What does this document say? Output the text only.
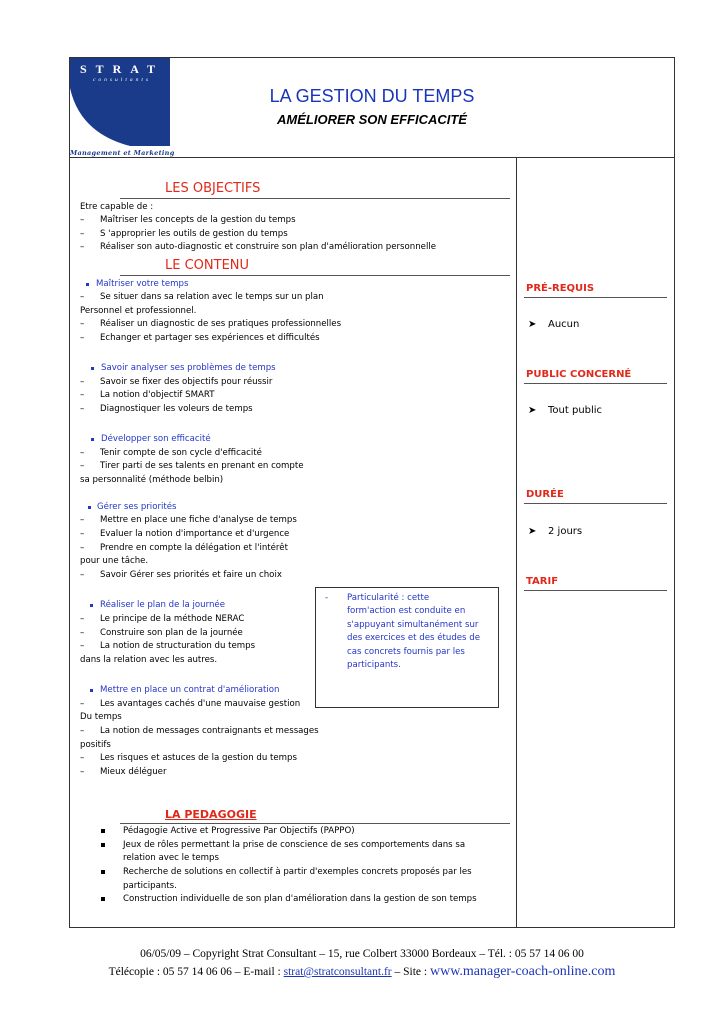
STRAT
consultants
Management et Marketing
LA GESTION DU TEMPS
AMÉLIORER SON EFFICACITÉ
LES OBJECTIFS
Etre capable de :
– Maîtriser les concepts de la gestion du temps
– S 'approprier les outils de gestion du temps
– Réaliser son auto-diagnostic et construire son plan d'amélioration personnelle
LE CONTENU
Maîtriser votre temps
– Se situer dans sa relation avec le temps sur un plan
Personnel et professionnel.
– Réaliser un diagnostic de ses pratiques professionnelles
– Echanger et partager ses expériences et difficultés
Savoir analyser ses problèmes de temps
– Savoir se fixer des objectifs pour réussir
– La notion d'objectif SMART
– Diagnostiquer les voleurs de temps
Développer son efficacité
– Tenir compte de son cycle d'efficacité
– Tirer parti de ses talents en prenant en compte
sa personnalité (méthode belbin)
Gérer ses priorités
– Mettre en place une fiche d'analyse de temps
– Evaluer la notion d'importance et d'urgence
– Prendre en compte la délégation et l'intérêt
pour une tâche.
– Savoir Gérer ses priorités et faire un choix
Réaliser le plan de la journée
– Le principe de la méthode NERAC
– Construire son plan de la journée
– La notion de structuration du temps
dans la relation avec les autres.
Mettre en place un contrat d'amélioration
– Les avantages cachés d'une mauvaise gestion
Du temps
– La notion de messages contraignants et messages
positifs
– Les risques et astuces de la gestion du temps
– Mieux déléguer
- Particularité : cette
form'action est conduite en
s'appuyant simultanément sur
des exercices et des études de
cas concrets fournis par les
participants.
LA PEDAGOGIE
Pédagogie Active et Progressive Par Objectifs (PAPPO)
Jeux de rôles permettant la prise de conscience de ses comportements dans sa
relation avec le temps
Recherche de solutions en collectif à partir d'exemples concrets proposés par les
participants.
Construction individuelle de son plan d'amélioration dans la gestion de son temps
PRÉ-REQUIS
➤ Aucun
PUBLIC CONCERNÉ
➤ Tout public
DURÉE
➤ 2 jours
TARIF
06/05/09 – Copyright Strat Consultant – 15, rue Colbert 33000 Bordeaux – Tél. : 05 57 14 06 00
Télécopie : 05 57 14 06 06 – E-mail : strat@stratconsultant.fr – Site : www.manager-coach-online.com
